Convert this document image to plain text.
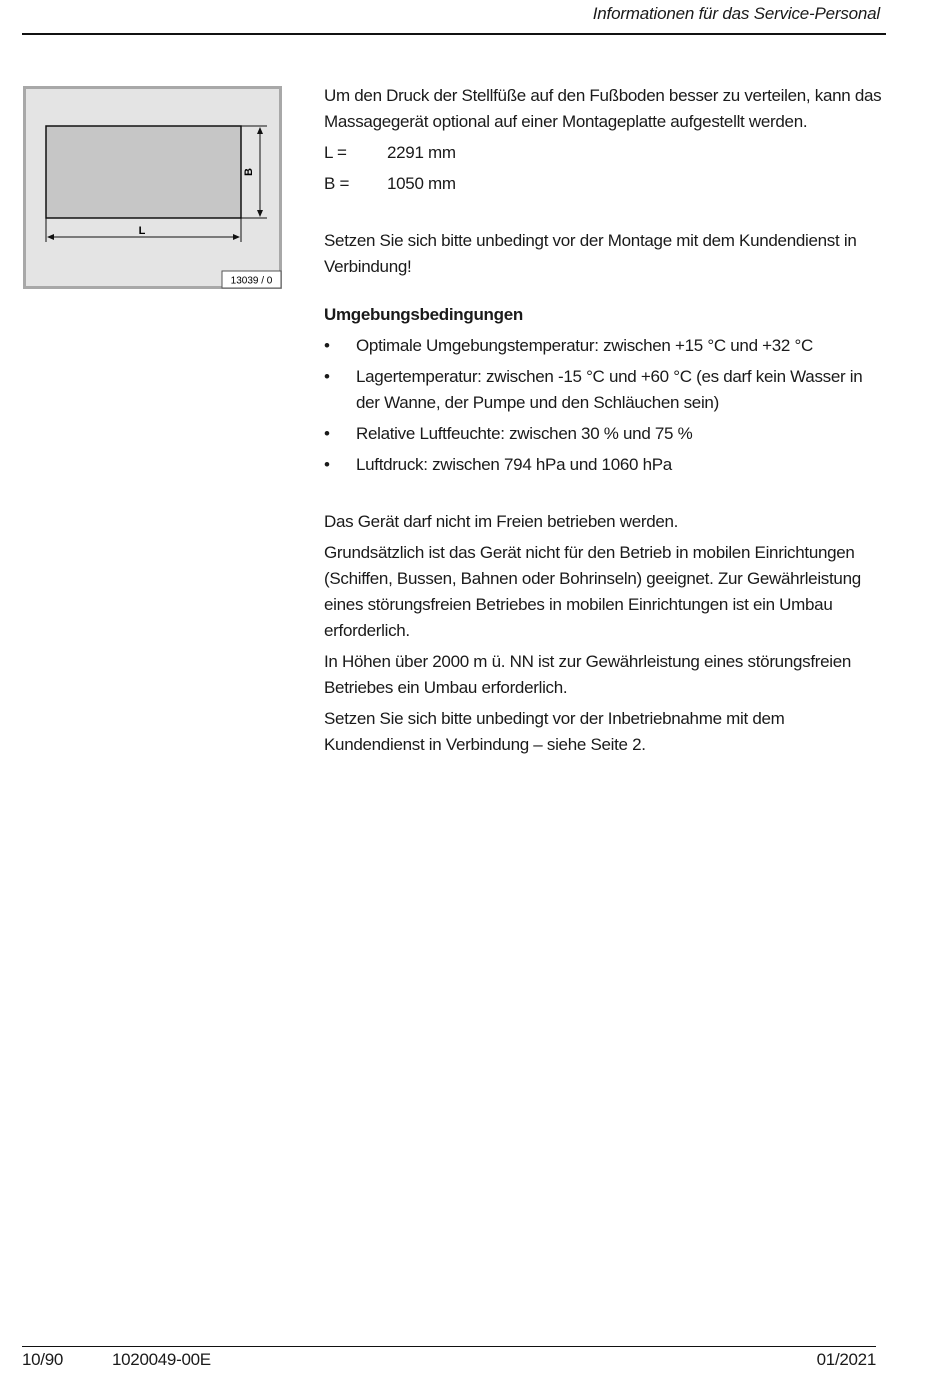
Informationen für das Service-Personal
B
L
13039 / 0

Um den Druck der Stellfüße auf den Fußboden besser zu verteilen, kann das Massagegerät optional auf einer Montageplatte aufgestellt werden.

L =	2291 mm
B =	1050 mm

Setzen Sie sich bitte unbedingt vor der Montage mit dem Kundendienst in Verbindung!

Umgebungsbedingungen

• Optimale Umgebungstemperatur: zwischen +15 °C und +32 °C
• Lagertemperatur: zwischen -15 °C und +60 °C (es darf kein Wasser in der Wanne, der Pumpe und den Schläuchen sein)
• Relative Luftfeuchte: zwischen 30 % und 75 %
• Luftdruck: zwischen 794 hPa und 1060 hPa

Das Gerät darf nicht im Freien betrieben werden.

Grundsätzlich ist das Gerät nicht für den Betrieb in mobilen Einrichtungen (Schiffen, Bussen, Bahnen oder Bohrinseln) geeignet. Zur Gewährleistung eines störungsfreien Betriebes in mobilen Einrichtungen ist ein Umbau erforderlich.

In Höhen über 2000 m ü. NN ist zur Gewährleistung eines störungsfreien Betriebes ein Umbau erforderlich.

Setzen Sie sich bitte unbedingt vor der Inbetriebnahme mit dem Kundendienst in Verbindung – siehe Seite 2.

10/90	1020049-00E	01/2021
